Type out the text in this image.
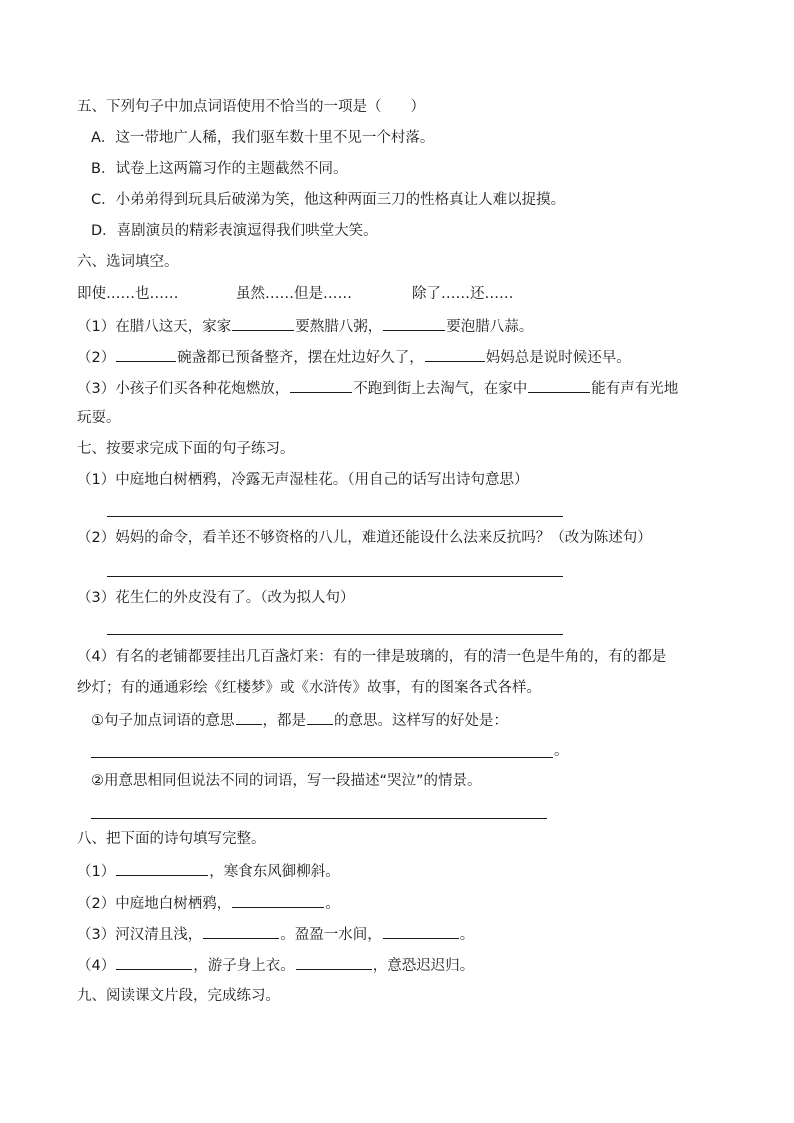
五、下列句子中加点词语使用不恰当的一项是（　　）
A．这一带地广人稀，我们驱车数十里不见一个村落。
B．试卷上这两篇习作的主题截然不同。
C．小弟弟得到玩具后破涕为笑，他这种两面三刀的性格真让人难以捉摸。
D．喜剧演员的精彩表演逗得我们哄堂大笑。
六、选词填空。
即使……也……	虽然……但是……	除了……还……
（1）在腊八这天，家家	要熬腊八粥，	要泡腊八蒜。
（2）	碗盏都已预备整齐，摆在灶边好久了，	妈妈总是说时候还早。
（3）小孩子们买各种花炮燃放，	不跑到街上去淘气，在家中	能有声有光地
玩耍。
七、按要求完成下面的句子练习。
（1）中庭地白树栖鸦，冷露无声湿桂花。（用自己的话写出诗句意思）
（2）妈妈的命令，看羊还不够资格的八儿，难道还能设什么法来反抗吗？（改为陈述句）
（3）花生仁的外皮没有了。（改为拟人句）
（4）有名的老铺都要挂出几百盏灯来：有的一律是玻璃的，有的清一色是牛角的，有的都是
纱灯；有的通通彩绘《红楼梦》或《水浒传》故事，有的图案各式各样。
①句子加点词语的意思 ，都是 的意思。这样写的好处是：
。
②用意思相同但说法不同的词语，写一段描述“哭泣”的情景。
八、把下面的诗句填写完整。
（1）	，寒食东风御柳斜。
（2）中庭地白树栖鸦，	。
（3）河汉清且浅，	。盈盈一水间，	。
（4）	，游子身上衣。	，意恐迟迟归。
九、阅读课文片段，完成练习。
